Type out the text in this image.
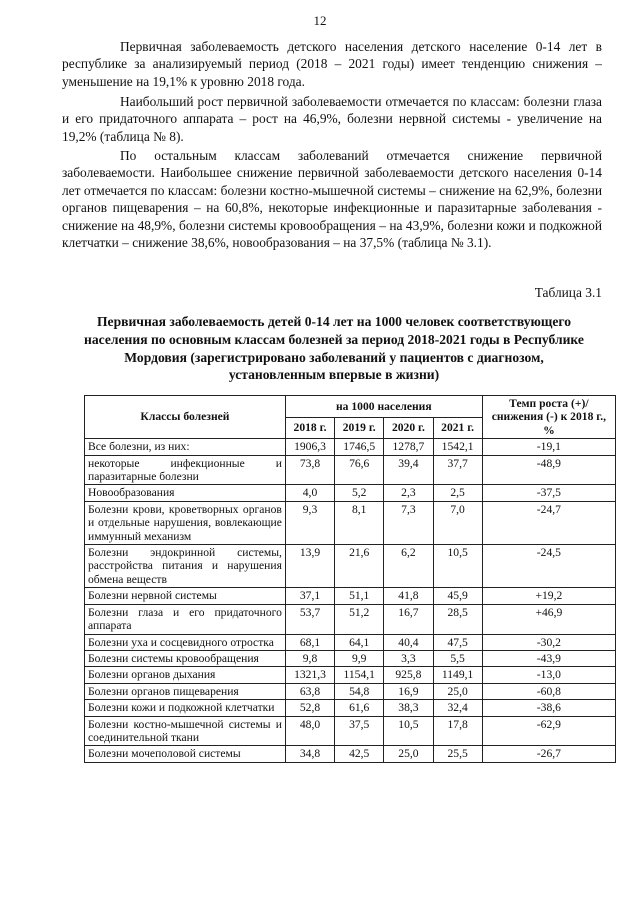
12

Первичная заболеваемость детского населения детского население 0-14 лет в республике за анализируемый период (2018 – 2021 годы) имеет тенденцию снижения – уменьшение на 19,1% к уровню 2018 года.

Наибольший рост первичной заболеваемости отмечается по классам: болезни глаза и его придаточного аппарата – рост на 46,9%, болезни нервной системы - увеличение на 19,2% (таблица № 8).

По остальным классам заболеваний отмечается снижение первичной заболеваемости. Наибольшее снижение первичной заболеваемости детского населения 0-14 лет отмечается по классам: болезни костно-мышечной системы – снижение на 62,9%, болезни органов пищеварения – на 60,8%, некоторые инфекционные и паразитарные заболевания - снижение на 48,9%, болезни системы кровообращения – на 43,9%, болезни кожи и подкожной клетчатки – снижение 38,6%, новообразования – на 37,5% (таблица № 3.1).

Таблица 3.1

Первичная заболеваемость детей 0-14 лет на 1000 человек соответствующего населения по основным классам болезней за период 2018-2021 годы в Республике Мордовия (зарегистрировано заболеваний у пациентов с диагнозом, установленным впервые в жизни)

Классы болезней	на 1000 населения				Темп роста (+)/снижения (-) к 2018 г., %
	2018 г.	2019 г.	2020 г.	2021 г.	
Все болезни, из них:	1906,3	1746,5	1278,7	1542,1	-19,1
некоторые инфекционные и паразитарные болезни	73,8	76,6	39,4	37,7	-48,9
Новообразования	4,0	5,2	2,3	2,5	-37,5
Болезни крови, кроветворных органов и отдельные нарушения, вовлекающие иммунный механизм	9,3	8,1	7,3	7,0	-24,7
Болезни эндокринной системы, расстройства питания и нарушения обмена веществ	13,9	21,6	6,2	10,5	-24,5
Болезни нервной системы	37,1	51,1	41,8	45,9	+19,2
Болезни глаза и его придаточного аппарата	53,7	51,2	16,7	28,5	+46,9
Болезни уха и сосцевидного отростка	68,1	64,1	40,4	47,5	-30,2
Болезни системы кровообращения	9,8	9,9	3,3	5,5	-43,9
Болезни органов дыхания	1321,3	1154,1	925,8	1149,1	-13,0
Болезни органов пищеварения	63,8	54,8	16,9	25,0	-60,8
Болезни кожи и подкожной клетчатки	52,8	61,6	38,3	32,4	-38,6
Болезни костно-мышечной системы и соединительной ткани	48,0	37,5	10,5	17,8	-62,9
Болезни мочеполовой системы	34,8	42,5	25,0	25,5	-26,7
